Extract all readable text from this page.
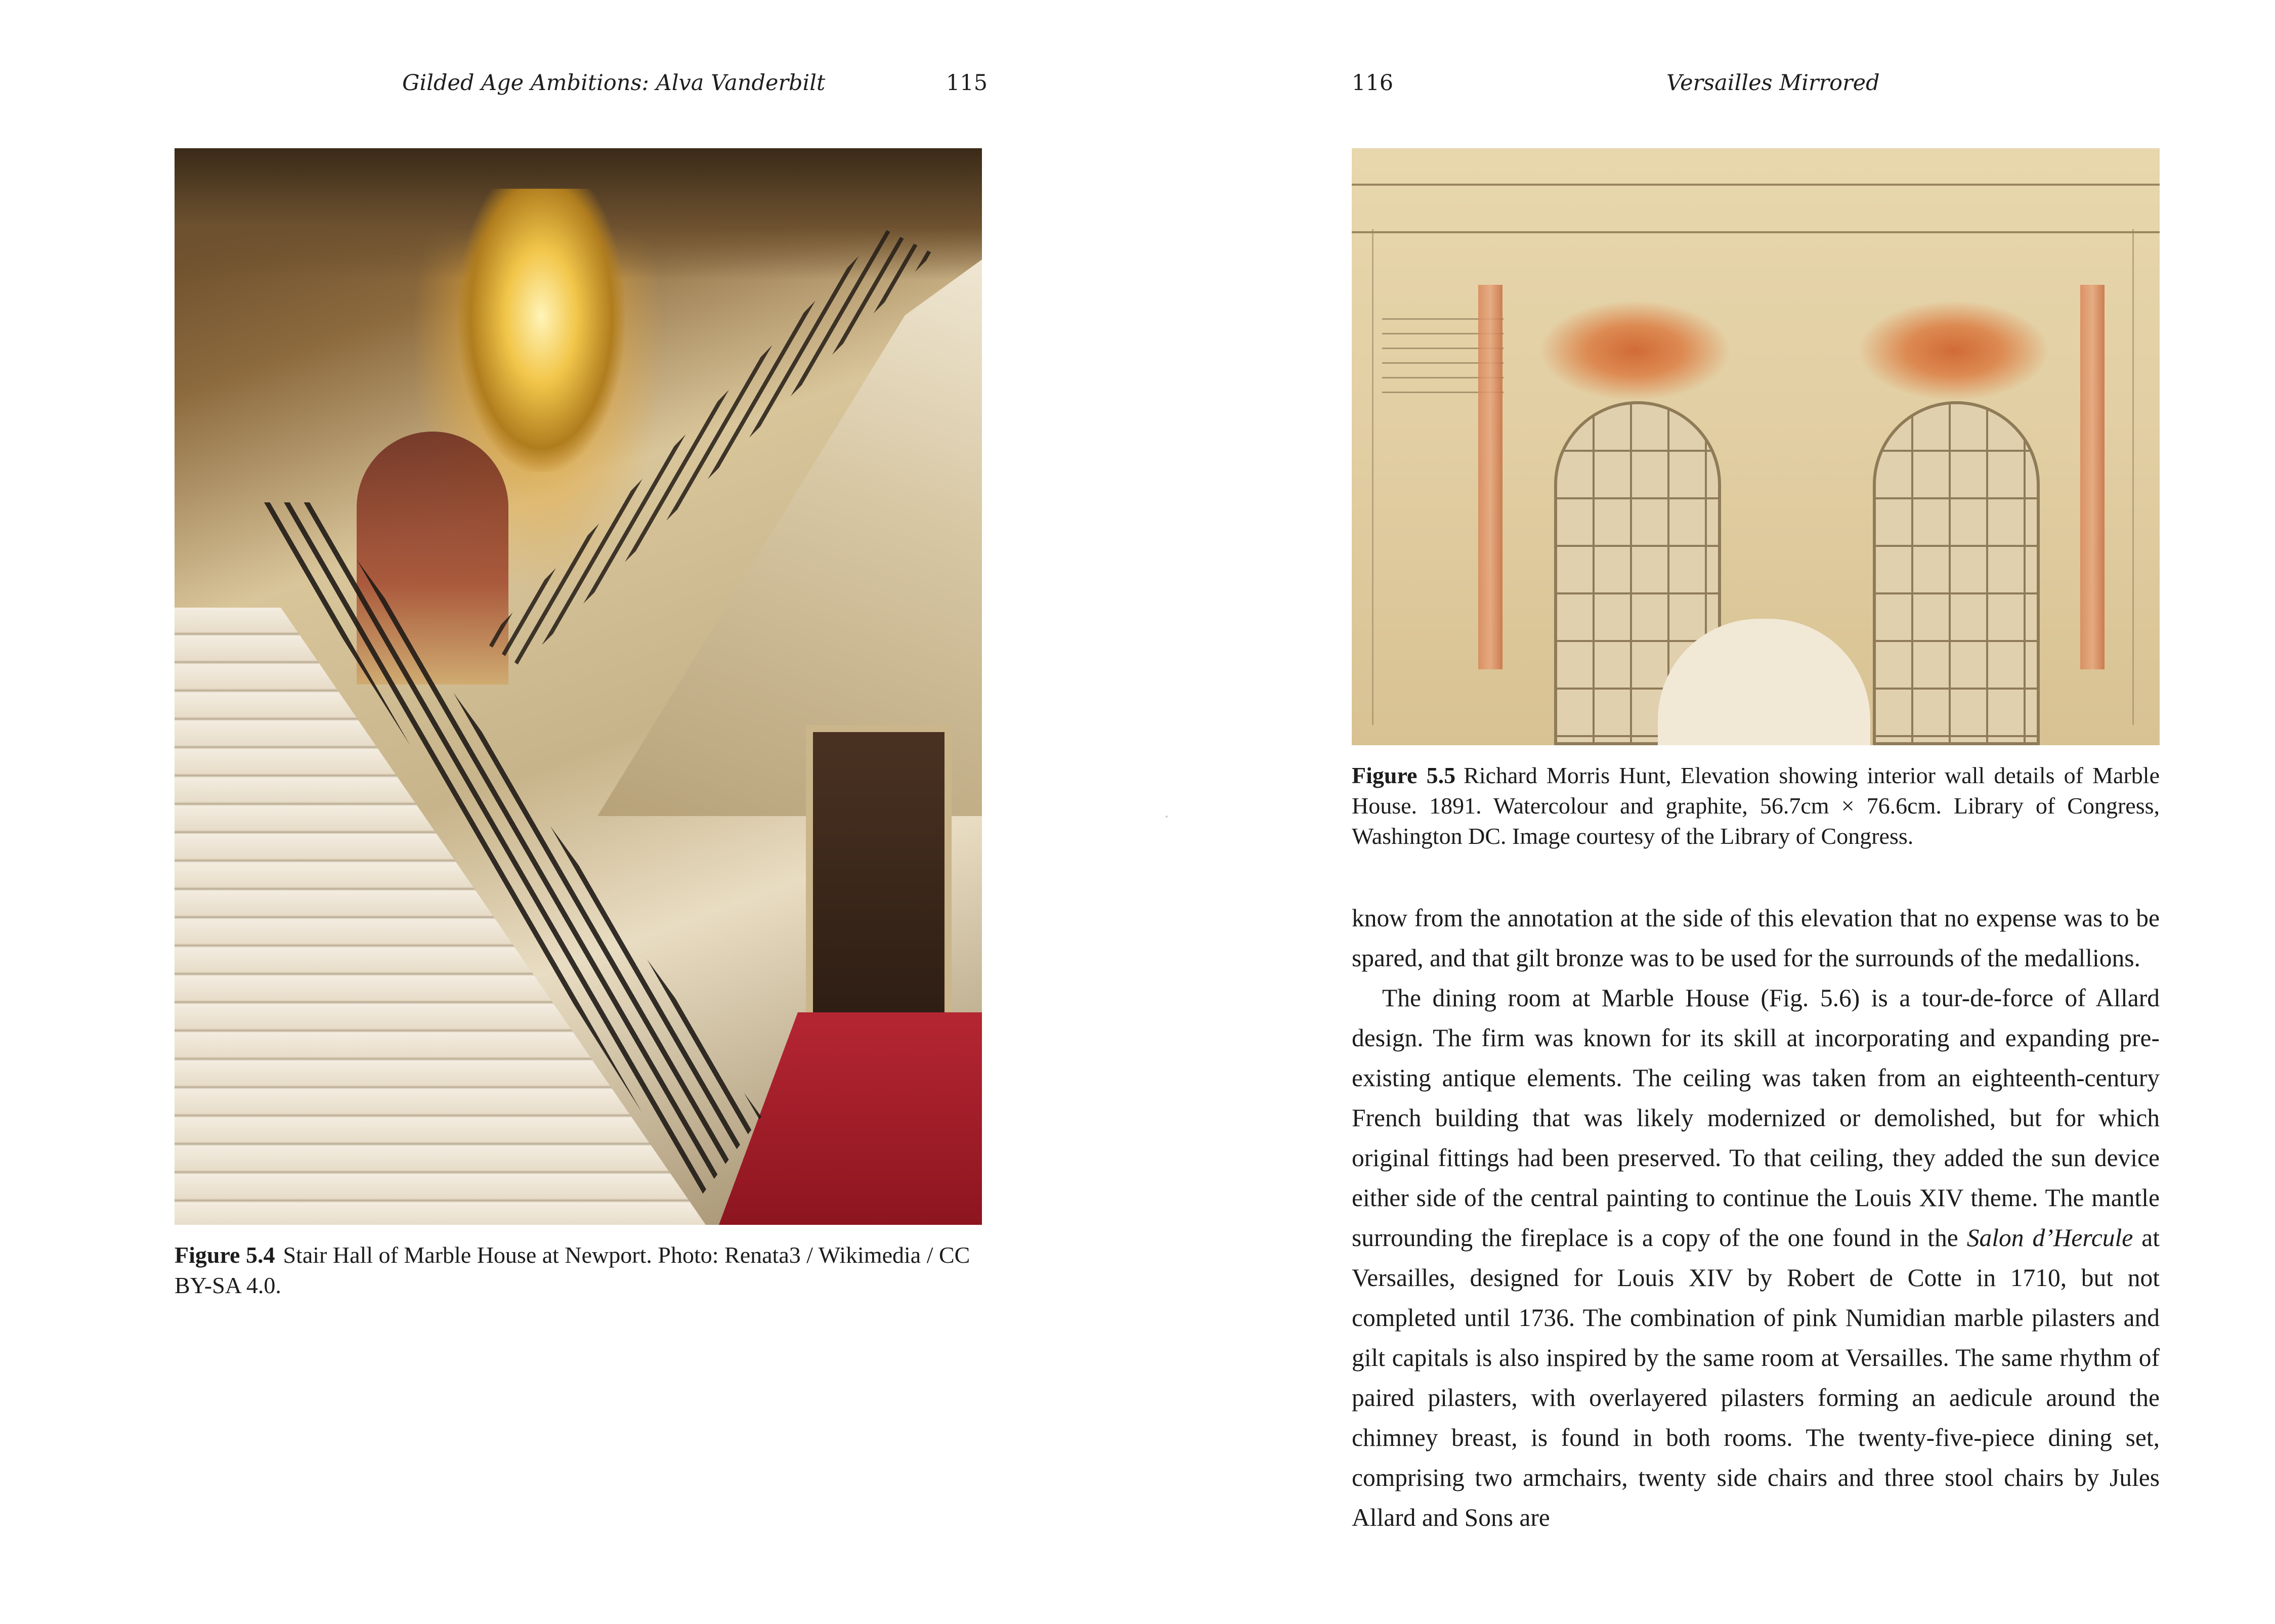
Gilded Age Ambitions: Alva Vanderbilt	115
Figure 5.4 Stair Hall of Marble House at Newport. Photo: Renata3 / Wikimedia / CC BY-SA 4.0.
116	Versailles Mirrored
Figure 5.5 Richard Morris Hunt, Elevation showing interior wall details of Marble House. 1891. Watercolour and graphite, 56.7cm × 76.6cm. Library of Congress, Washington DC. Image courtesy of the Library of Congress.

know from the annotation at the side of this elevation that no expense was to be spared, and that gilt bronze was to be used for the surrounds of the medallions.

The dining room at Marble House (Fig. 5.6) is a tour-de-force of Allard design. The firm was known for its skill at incorporating and expanding pre-existing antique elements. The ceiling was taken from an eighteenth-century French building that was likely modernized or demolished, but for which original fittings had been preserved. To that ceiling, they added the sun device either side of the central painting to continue the Louis XIV theme. The mantle surrounding the fireplace is a copy of the one found in the Salon d’Hercule at Versailles, designed for Louis XIV by Robert de Cotte in 1710, but not completed until 1736. The combination of pink Numidian marble pilasters and gilt capitals is also inspired by the same room at Versailles. The same rhythm of paired pilasters, with overlayered pilasters forming an aedicule around the chimney breast, is found in both rooms. The twenty-five-piece dining set, comprising two armchairs, twenty side chairs and three stool chairs by Jules Allard and Sons are
